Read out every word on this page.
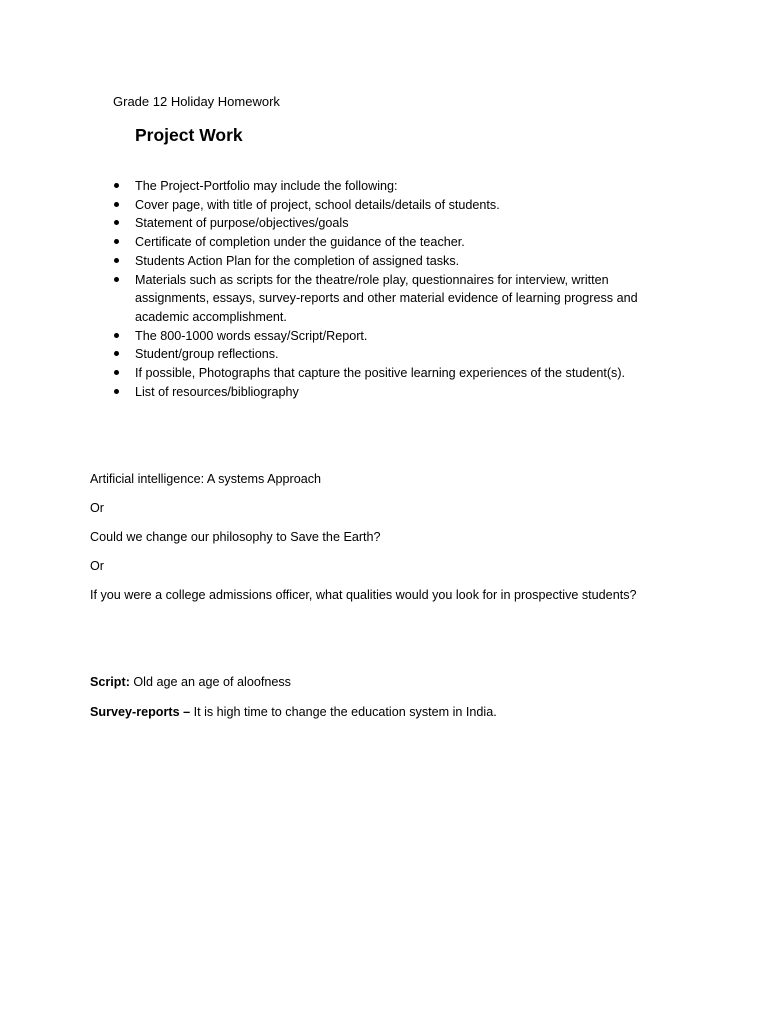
Grade 12 Holiday Homework
Project Work
The Project-Portfolio may include the following:
Cover page, with title of project, school details/details of students.
Statement of purpose/objectives/goals
Certificate of completion under the guidance of the teacher.
Students Action Plan for the completion of assigned tasks.
Materials such as scripts for the theatre/role play, questionnaires for interview, written assignments, essays, survey-reports and other material evidence of learning progress and academic accomplishment.
The 800-1000 words essay/Script/Report.
Student/group reflections.
If possible, Photographs that capture the positive learning experiences of the student(s).
List of resources/bibliography

Artificial intelligence: A systems Approach

Or

Could we change our philosophy to Save the Earth?

Or

If you were a college admissions officer, what qualities would you look for in prospective students?

Script: Old age an age of aloofness

Survey-reports – It is high time to change the education system in India.
